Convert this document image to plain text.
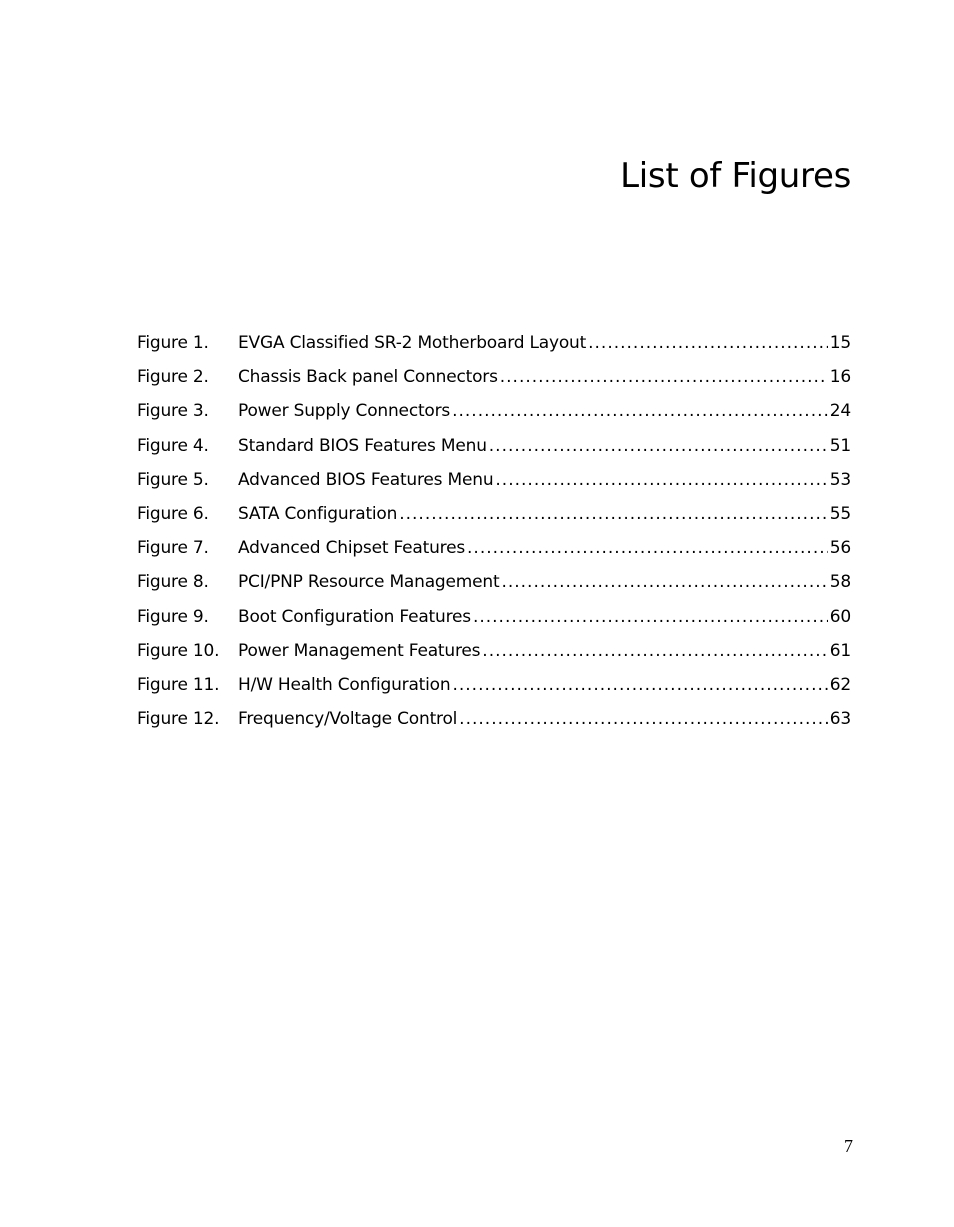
List of Figures
Figure 1.	EVGA Classified SR-2 Motherboard Layout .....	15
Figure 2.	Chassis Back panel Connectors .....	16
Figure 3.	Power Supply Connectors .....	24
Figure 4.	Standard BIOS Features Menu .....	51
Figure 5.	Advanced BIOS Features Menu .....	53
Figure 6.	SATA Configuration .....	55
Figure 7.	Advanced Chipset Features .....	56
Figure 8.	PCI/PNP Resource Management .....	58
Figure 9.	Boot Configuration Features .....	60
Figure 10.	Power Management Features .....	61
Figure 11.	H/W Health Configuration .....	62
Figure 12.	Frequency/Voltage Control .....	63
7
